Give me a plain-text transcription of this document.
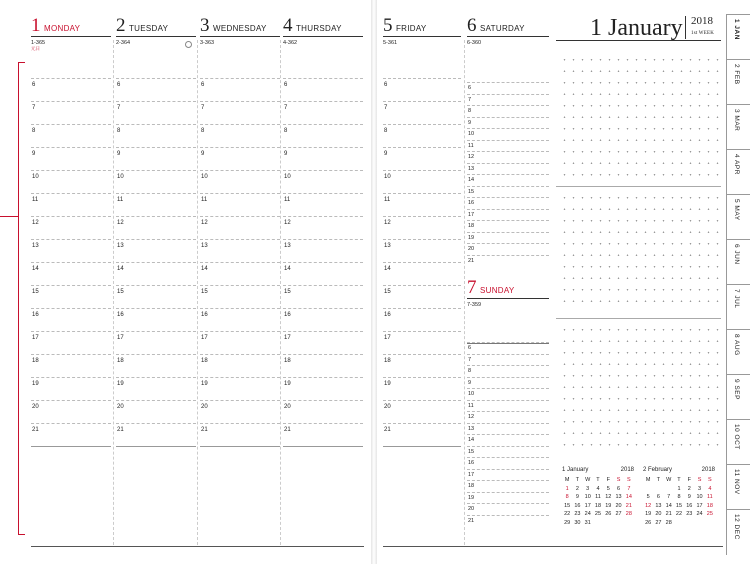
1 MONDAY
1-365
元日
6
7
8
9
10
11
12
13
14
15
16
17
18
19
20
21
2 TUESDAY
2-364
6
7
8
9
10
11
12
13
14
15
16
17
18
19
20
21
3 WEDNESDAY
3-363
6
7
8
9
10
11
12
13
14
15
16
17
18
19
20
21
4 THURSDAY
4-362
6
7
8
9
10
11
12
13
14
15
16
17
18
19
20
21
5 FRIDAY
5-361
6
7
8
9
10
11
12
13
14
15
16
17
18
19
20
21
6 SATURDAY
6-360
6
7
8
9
10
11
12
13
14
15
16
17
18
19
20
21
7 SUNDAY
7-359
6
7
8
9
10
11
12
13
14
15
16
17
18
19
20
21
1 January 2018
1st WEEK
1 January	2018
M	T	W	T	F	S	S
1	2	3	4	5	6	7
8	9	10	11	12	13	14
15	16	17	18	19	20	21
22	23	24	25	26	27	28
29	30	31				
2 February	2018
M	T	W	T	F	S	S
			1	2	3	4
5	6	7	8	9	10	11
12	13	14	15	16	17	18
19	20	21	22	23	24	25
26	27	28				
1 JAN
2 FEB
3 MAR
4 APR
5 MAY
6 JUN
7 JUL
8 AUG
9 SEP
10 OCT
11 NOV
12 DEC
